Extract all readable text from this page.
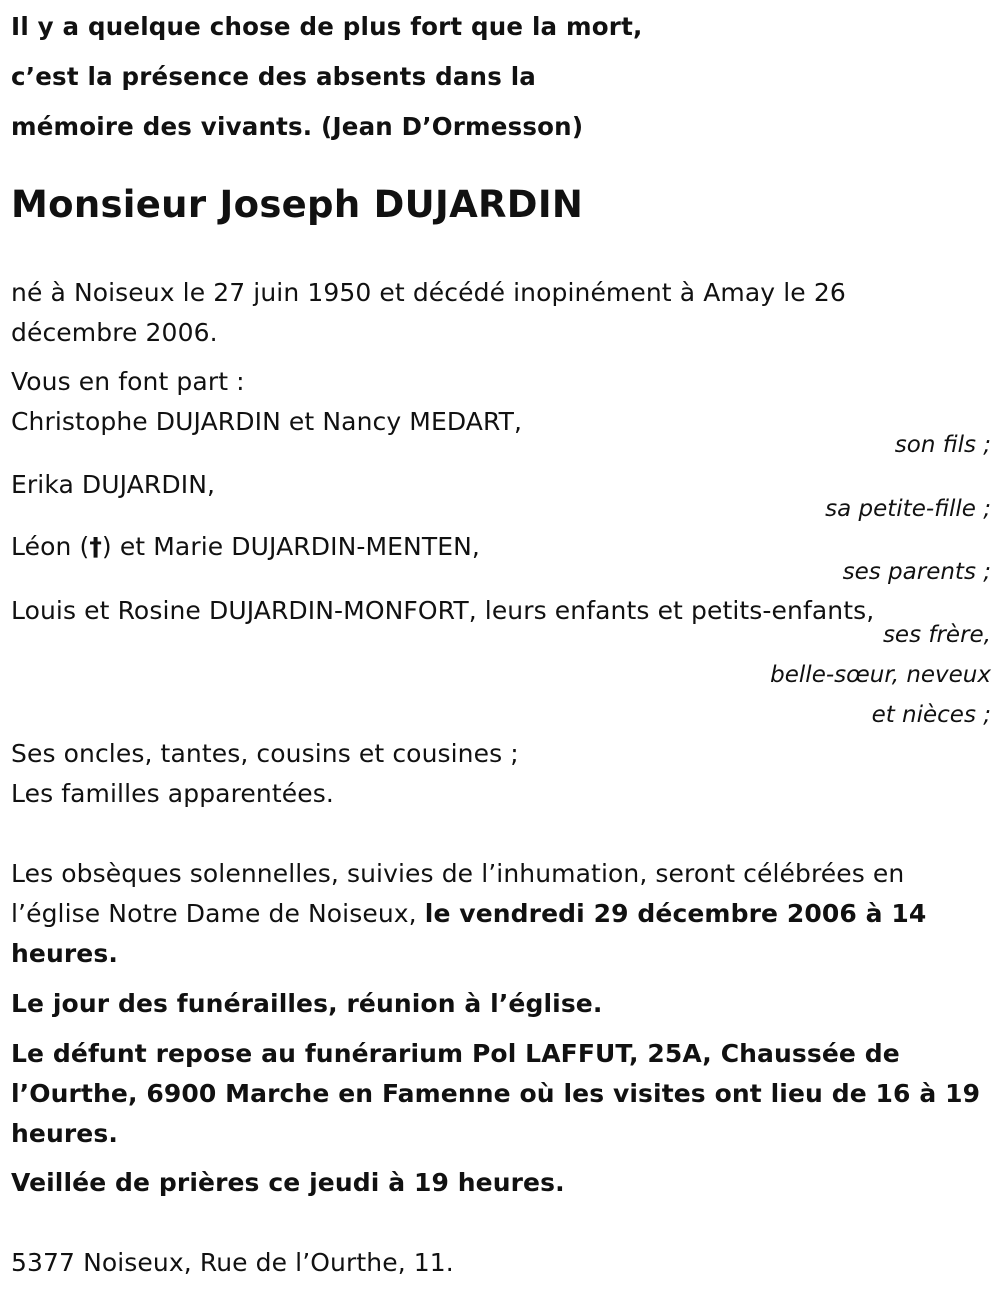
Il y a quelque chose de plus fort que la mort,
c’est la présence des absents dans la
mémoire des vivants. (Jean D’Ormesson)
Monsieur Joseph DUJARDIN
né à Noiseux le 27 juin 1950 et décédé inopinément à Amay le 26
décembre 2006.
Vous en font part :
Christophe DUJARDIN et Nancy MEDART,
son fils ;
Erika DUJARDIN,
sa petite-fille ;
Léon (†) et Marie DUJARDIN-MENTEN,
ses parents ;
Louis et Rosine DUJARDIN-MONFORT, leurs enfants et petits-enfants,
ses frère,
belle-sœur, neveux
et nièces ;
Ses oncles, tantes, cousins et cousines ;
Les familles apparentées.
Les obsèques solennelles, suivies de l’inhumation, seront célébrées en
l’église Notre Dame de Noiseux, le vendredi 29 décembre 2006 à 14
heures.
Le jour des funérailles, réunion à l’église.
Le défunt repose au funérarium Pol LAFFUT, 25A, Chaussée de
l’Ourthe, 6900 Marche en Famenne où les visites ont lieu de 16 à 19
heures.
Veillée de prières ce jeudi à 19 heures.
5377 Noiseux, Rue de l’Ourthe, 11.
